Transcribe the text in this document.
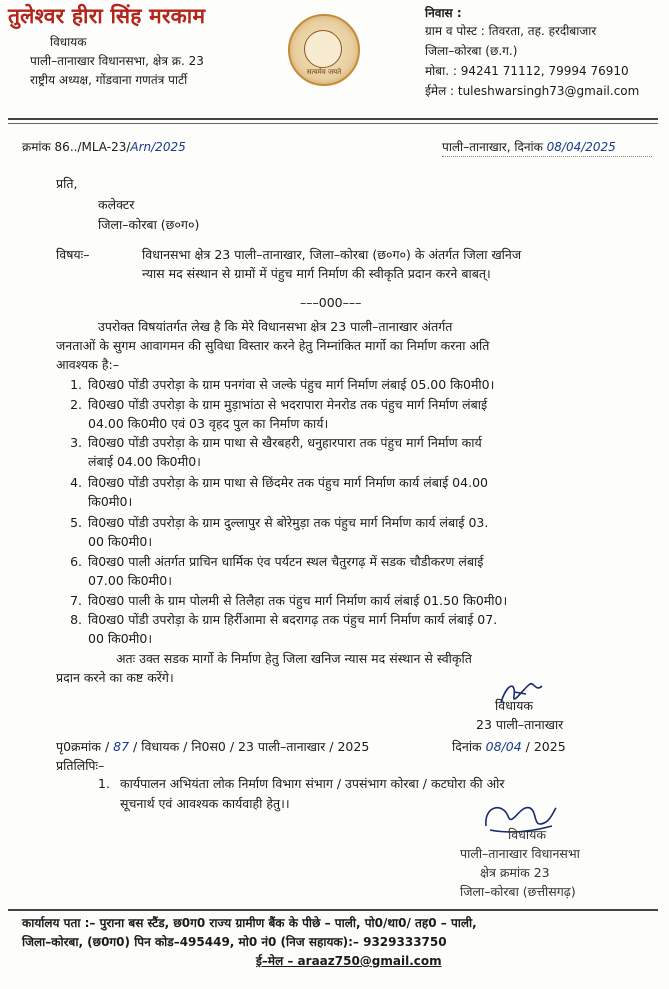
तुलेश्वर हीरा सिंह मरकाम
विधायक
पाली–तानाखार विधानसभा, क्षेत्र क्र. 23
राष्ट्रीय अध्यक्ष, गोंडवाना गणतंत्र पार्टी
सत्यमेव जयते
निवास :
ग्राम व पोस्ट : तिवरता, तह. हरदीबाजार
जिला–कोरबा (छ.ग.)
मोबा. : 94241 71112, 79994 76910
ईमेल : tuleshwarsingh73@gmail.com
क्रमांक 86../MLA-23/Arn/2025	पाली–तानाखार, दिनांक 08/04/2025
प्रति,
कलेक्टर
जिला–कोरबा (छ०ग०)
विषयः–	विधानसभा क्षेत्र 23 पाली–तानाखार, जिला–कोरबा (छ०ग०) के अंतर्गत जिला खनिज
न्यास मद संस्थान से ग्रामों में पंहुच मार्ग निर्माण की स्वीकृति प्रदान करने बाबत्।
–––000–––
उपरोक्त विषयांतर्गत लेख है कि मेरे विधानसभा क्षेत्र 23 पाली–तानाखार अंतर्गत
जनताओं के सुगम आवागमन की सुविधा विस्तार करने हेतु निम्नांकित मार्गो का निर्माण करना अति
आवश्यक है:–
1. वि0ख0 पोंडी उपरोड़ा के ग्राम पनगंवा से जल्के पंहुच मार्ग निर्माण लंबाई 05.00 कि0मी0।
2. वि0ख0 पोंडी उपरोड़ा के ग्राम मुड़ाभांठा से भदरापारा मेनरोड तक पंहुच मार्ग निर्माण लंबाई
04.00 कि0मी0 एवं 03 वृहद पुल का निर्माण कार्य।
3. वि0ख0 पोंडी उपरोड़ा के ग्राम पाथा से खैरबहरी, धनुहारपारा तक पंहुच मार्ग निर्माण कार्य
लंबाई 04.00 कि0मी0।
4. वि0ख0 पोंडी उपरोड़ा के ग्राम पाथा से छिंदमेर तक पंहुच मार्ग निर्माण कार्य लंबाई 04.00
कि0मी0।
5. वि0ख0 पोंडी उपरोड़ा के ग्राम दुल्लापुर से बोरेमुड़ा तक पंहुच मार्ग निर्माण कार्य लंबाई 03.
00 कि0मी0।
6. वि0ख0 पाली अंतर्गत प्राचिन धार्मिक एंव पर्यटन स्थल चैतुरगढ़ में सडक चौडीकरण लंबाई
07.00 कि0मी0।
7. वि0ख0 पाली के ग्राम पोलमी से तिलैहा तक पंहुच मार्ग निर्माण कार्य लंबाई 01.50 कि0मी0।
8. वि0ख0 पोंडी उपरोड़ा के ग्राम हिर्रीआमा से बदरागढ़ तक पंहुच मार्ग निर्माण कार्य लंबाई 07.
00 कि0मी0।
अतः उक्त सडक मार्गो के निर्माण हेतु जिला खनिज न्यास मद संस्थान से स्वीकृति
प्रदान करने का कष्ट करेंगे।
विधायक
23 पाली–तानाखार
पृ0क्रमांक / 87 / विधायक / नि0स0 / 23 पाली–तानाखार / 2025	दिनांक 08/04 / 2025
प्रतिलिपिः–
1. कार्यपालन अभियंता लोक निर्माण विभाग संभाग / उपसंभाग कोरबा / कटघोरा की ओर
सूचनार्थ एवं आवश्यक कार्यवाही हेतु।।
विधायक
पाली–तानाखार विधानसभा
क्षेत्र क्रमांक 23
जिला–कोरबा (छत्तीसगढ़)
कार्यालय पता :– पुराना बस स्टैंड, छ0ग0 राज्य ग्रामीण बैंक के पीछे – पाली, पो0/था0/ तह0 – पाली,
जिला–कोरबा, (छ0ग0) पिन कोड–495449, मो0 नं0 (निज सहायक):– 9329333750
ई–मेल – araaz750@gmail.com
